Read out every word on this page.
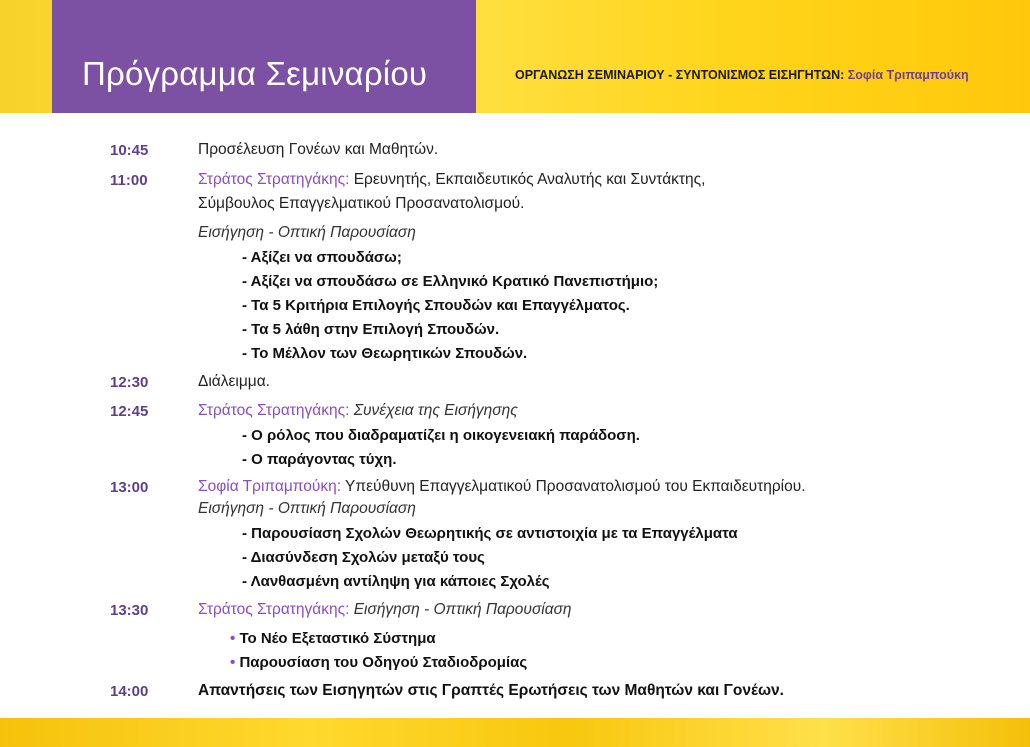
Πρόγραμμα Σεμιναρίου	ΟΡΓΑΝΩΣΗ ΣΕΜΙΝΑΡΙΟΥ - ΣΥΝΤΟΝΙΣΜΟΣ ΕΙΣΗΓΗΤΩΝ: Σοφία Τριπαμπούκη
10:45	Προσέλευση Γονέων και Μαθητών.
11:00	Στράτος Στρατηγάκης: Ερευνητής, Εκπαιδευτικός Αναλυτής και Συντάκτης,
Σύμβουλος Επαγγελματικού Προσανατολισμού.
Εισήγηση - Οπτική Παρουσίαση
- Αξίζει να σπουδάσω;
- Αξίζει να σπουδάσω σε Ελληνικό Κρατικό Πανεπιστήμιο;
- Τα 5 Κριτήρια Επιλογής Σπουδών και Επαγγέλματος.
- Τα 5 λάθη στην Επιλογή Σπουδών.
- Το Μέλλον των Θεωρητικών Σπουδών.
12:30	Διάλειμμα.
12:45	Στράτος Στρατηγάκης: Συνέχεια της Εισήγησης
- Ο ρόλος που διαδραματίζει η οικογενειακή παράδοση.
- Ο παράγοντας τύχη.
13:00	Σοφία Τριπαμπούκη: Υπεύθυνη Επαγγελματικού Προσανατολισμού του Εκπαιδευτηρίου.
Εισήγηση - Οπτική Παρουσίαση
- Παρουσίαση Σχολών Θεωρητικής σε αντιστοιχία με τα Επαγγέλματα
- Διασύνδεση Σχολών μεταξύ τους
- Λανθασμένη αντίληψη για κάποιες Σχολές
13:30	Στράτος Στρατηγάκης: Εισήγηση - Οπτική Παρουσίαση
• Το Νέο Εξεταστικό Σύστημα
• Παρουσίαση του Οδηγού Σταδιοδρομίας
14:00	Απαντήσεις των Εισηγητών στις Γραπτές Ερωτήσεις των Μαθητών και Γονέων.
